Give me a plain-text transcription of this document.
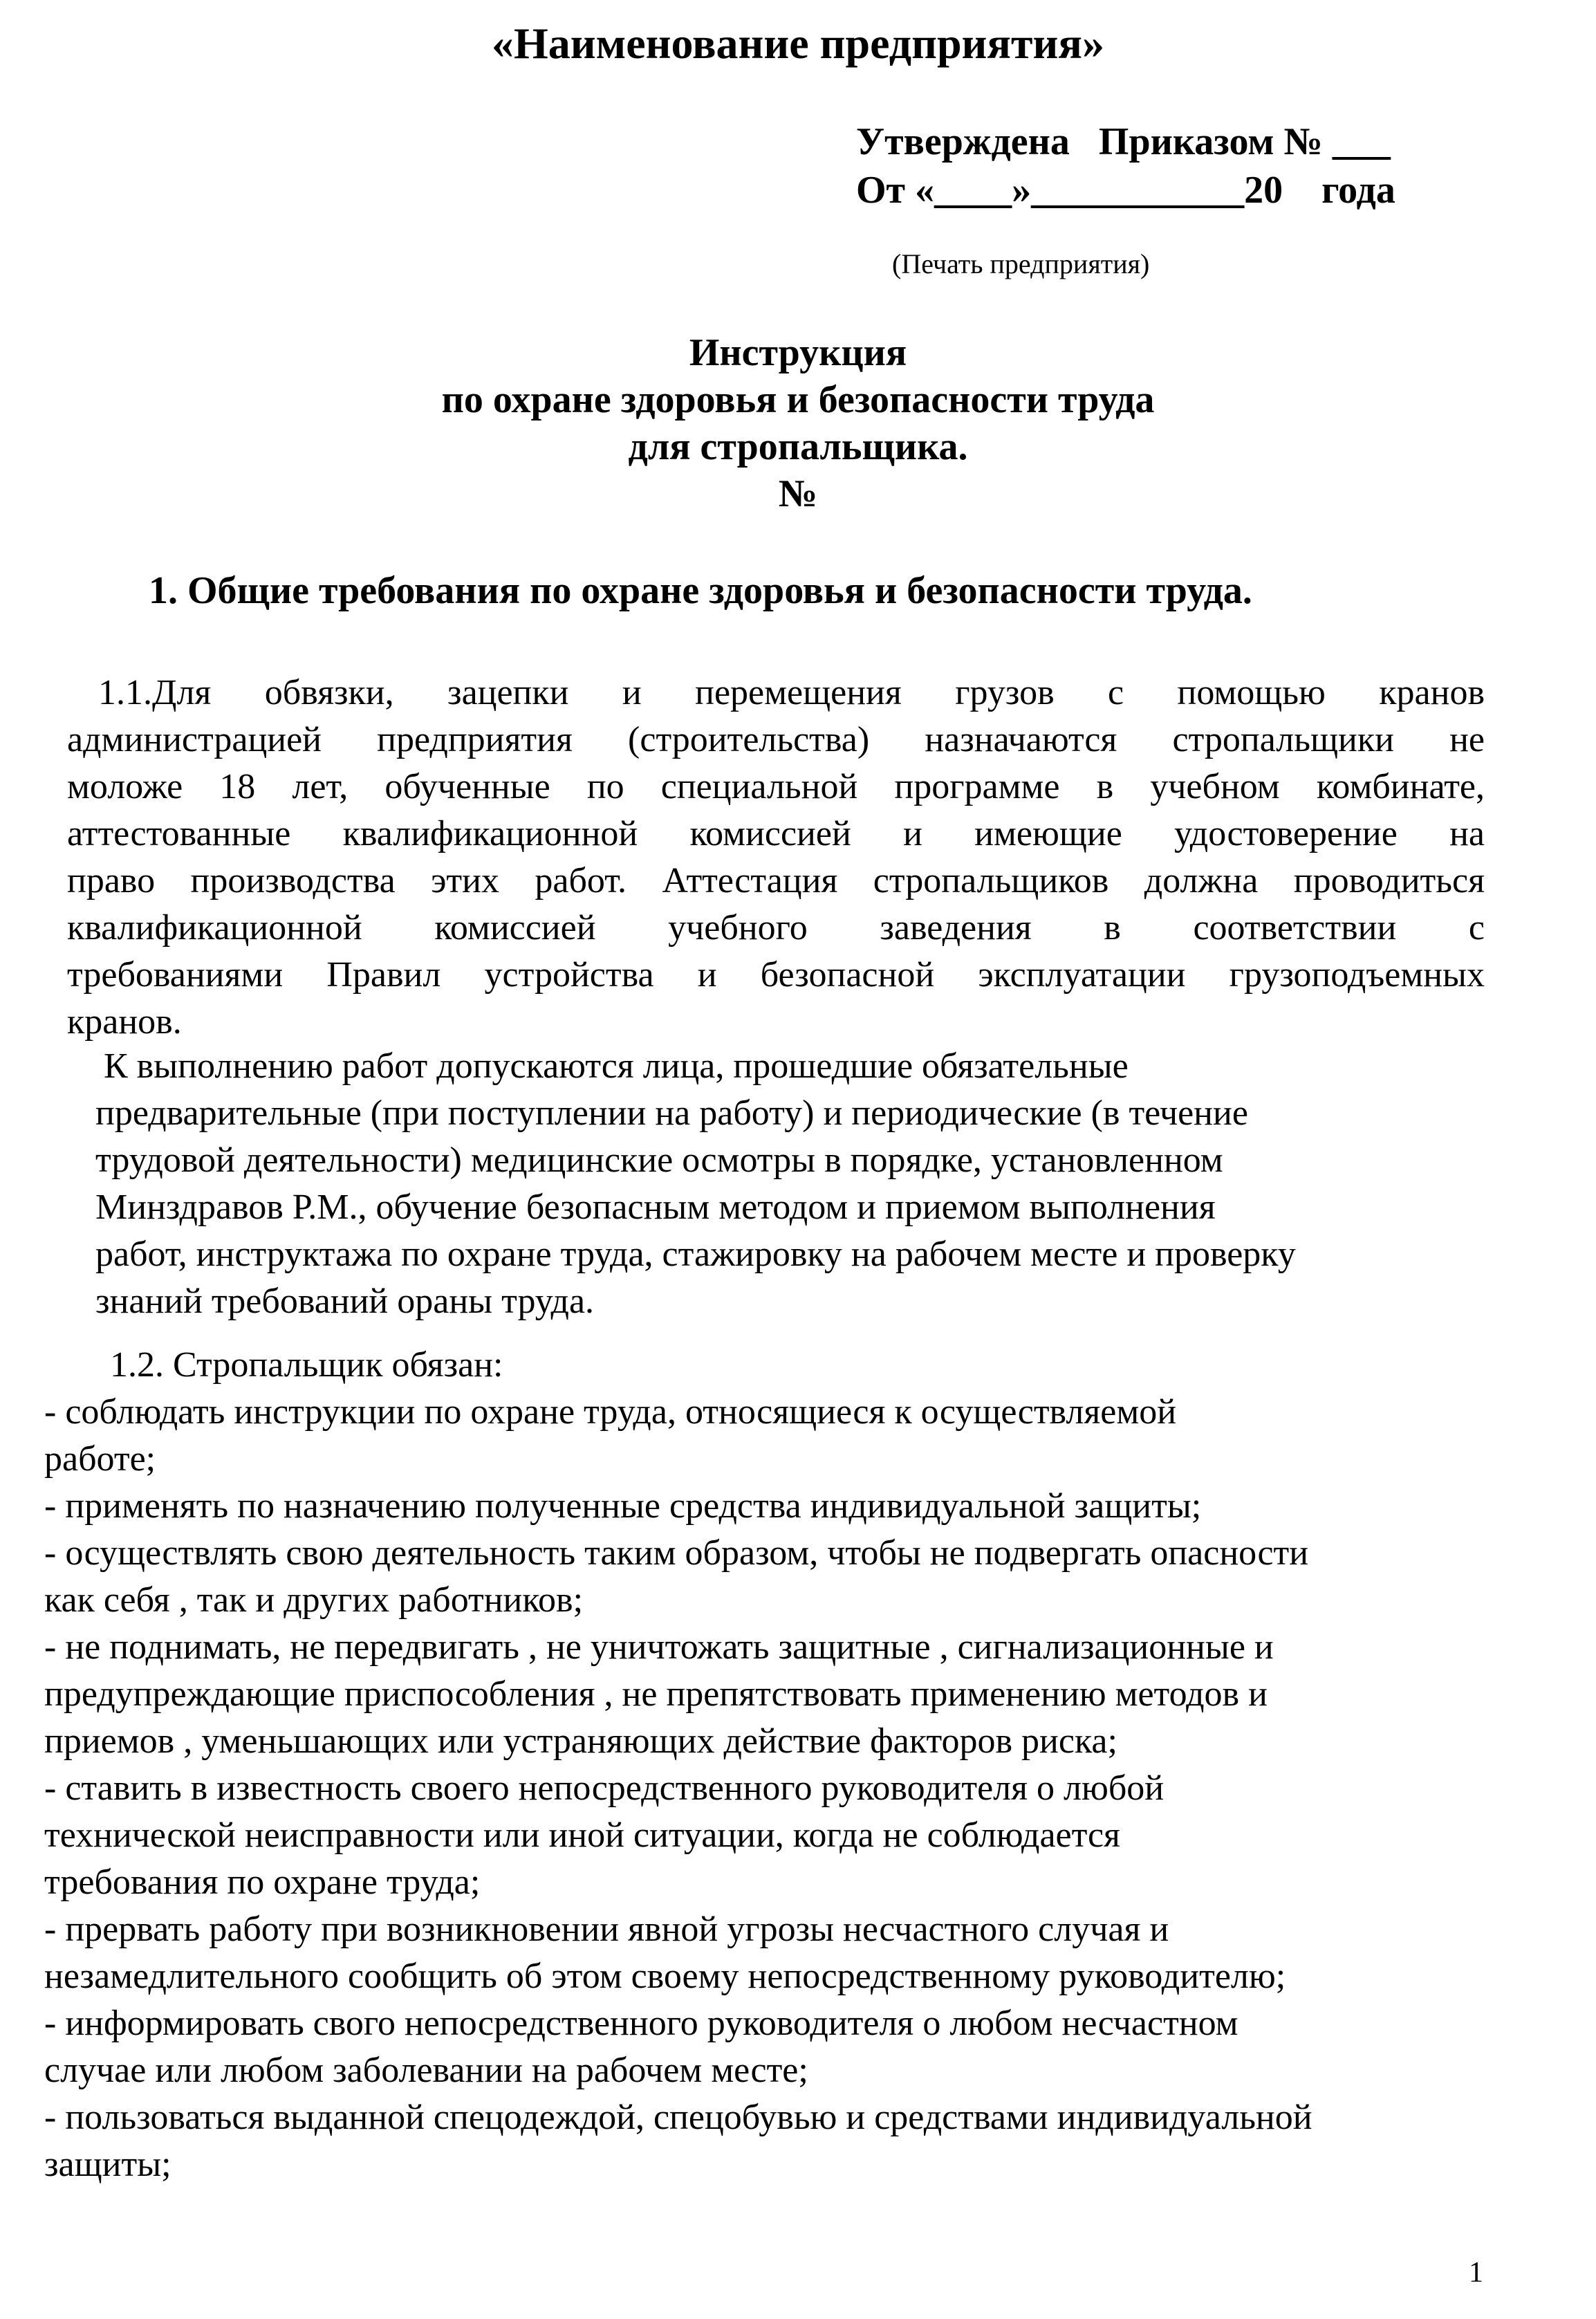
«Наименование предприятия»
Утверждена   Приказом № ___
От «____»___________20    года
(Печать предприятия)
Инструкция
по охране здоровья и безопасности труда
для стропальщика.
№
1. Общие требования по охране здоровья и безопасности труда.
1.1.Для обвязки, зацепки и перемещения грузов с помощью кранов
администрацией предприятия (строительства) назначаются стропальщики не
моложе 18 лет, обученные по специальной программе в учебном комбинате,
аттестованные квалификационной комиссией и имеющие удостоверение на
право производства этих работ. Аттестация стропальщиков должна проводиться
квалификационной комиссией учебного заведения в соответствии с
требованиями Правил устройства и безопасной эксплуатации грузоподъемных
кранов.
К выполнению работ допускаются лица, прошедшие обязательные
предварительные (при поступлении на работу) и периодические (в течение
трудовой деятельности) медицинские осмотры в порядке, установленном
Минздравов Р.М., обучение безопасным методом и приемом выполнения
работ, инструктажа по охране труда, стажировку на рабочем месте и проверку
знаний требований ораны труда.
1.2. Стропальщик обязан:
- соблюдать инструкции по охране труда, относящиеся к осуществляемой
работе;
- применять по назначению полученные средства индивидуальной защиты;
- осуществлять свою деятельность таким образом, чтобы не подвергать опасности
как себя , так и других работников;
- не поднимать, не передвигать , не уничтожать защитные , сигнализационные и
предупреждающие приспособления , не препятствовать применению методов и
приемов , уменьшающих или устраняющих действие факторов риска;
- ставить в известность своего непосредственного руководителя о любой
технической неисправности или иной ситуации, когда не соблюдается
требования по охране труда;
- прервать работу при возникновении явной угрозы несчастного случая и
незамедлительного сообщить об этом своему непосредственному руководителю;
- информировать свого непосредственного руководителя о любом несчастном
случае или любом заболевании на рабочем месте;
- пользоваться выданной спецодеждой, спецобувью и средствами индивидуальной
защиты;
1
